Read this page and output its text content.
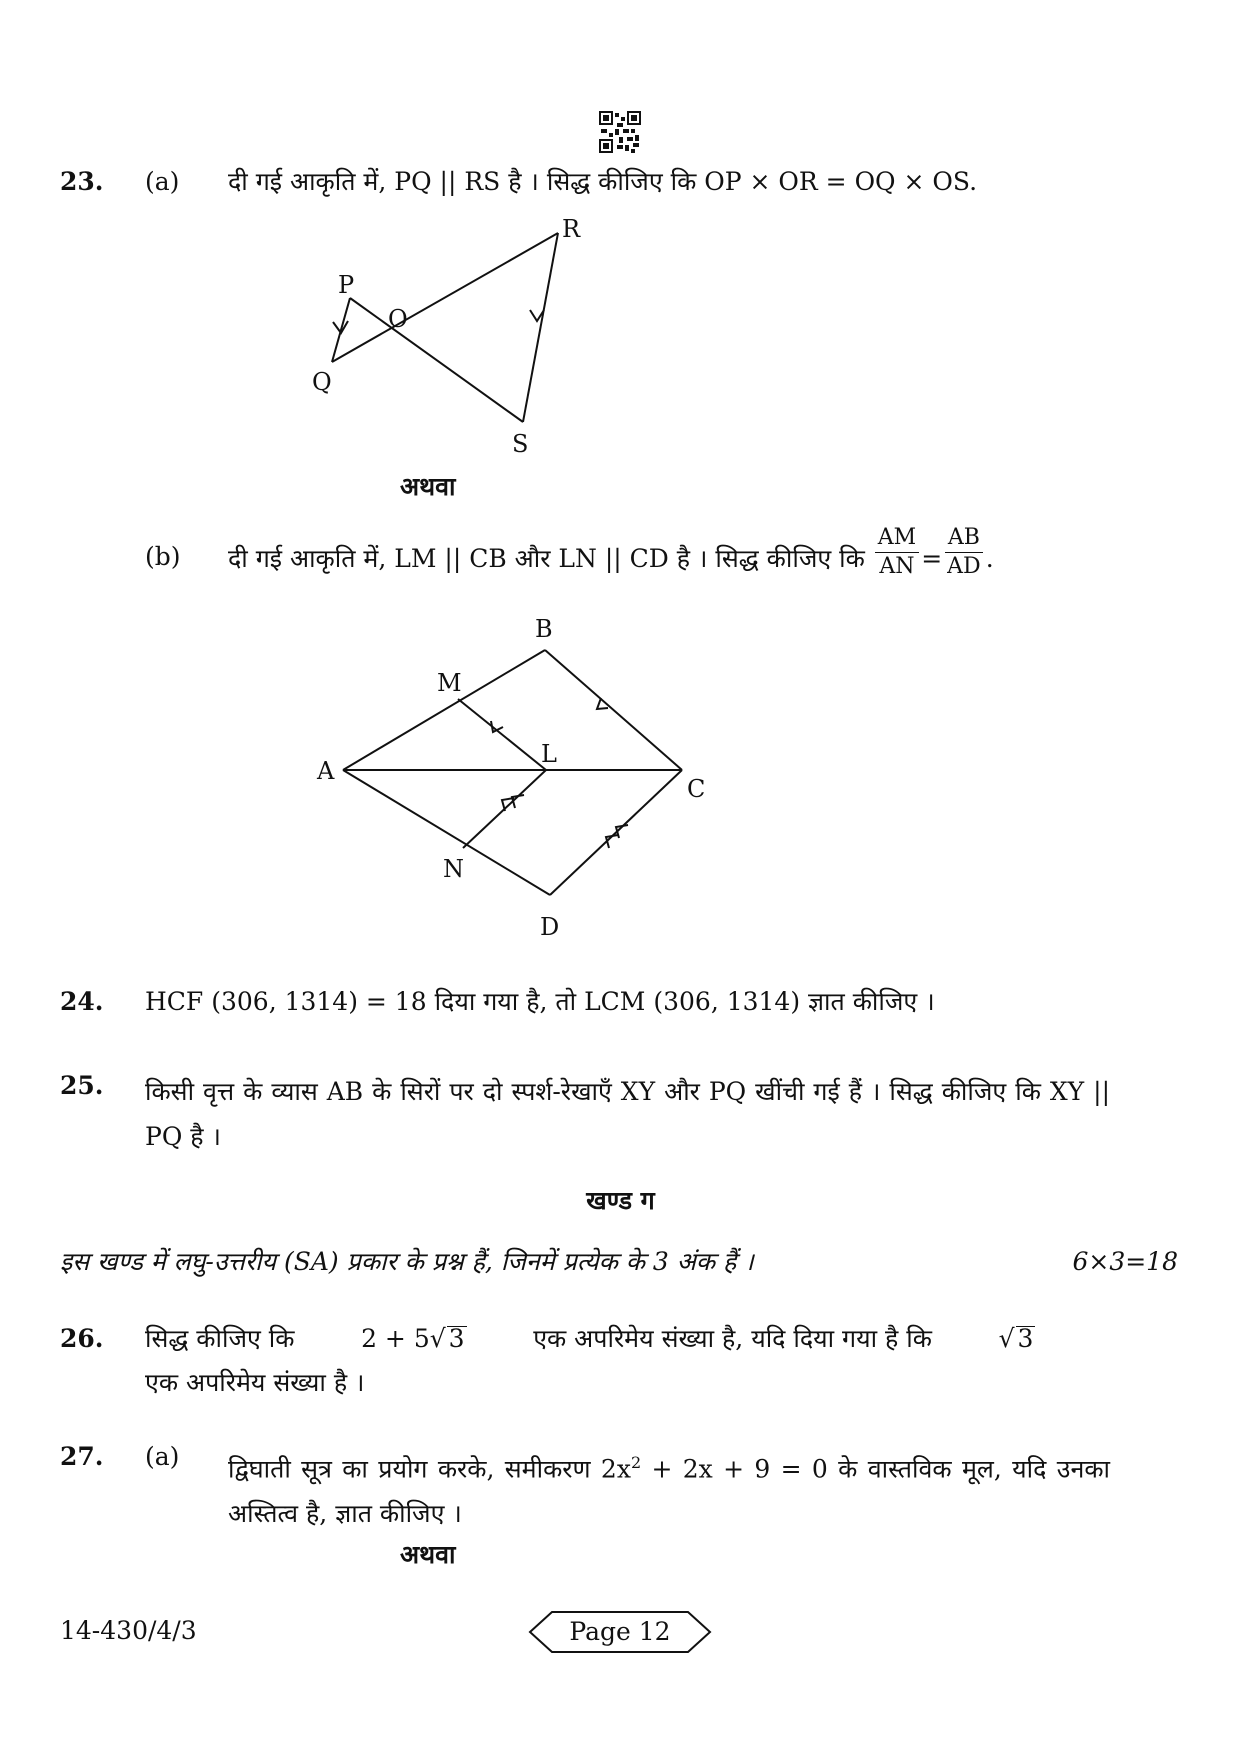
23. (a) दी गई आकृति में, PQ || RS है । सिद्ध कीजिए कि OP × OR = OQ × OS.
P
Q
O
R
S
अथवा
(b) दी गई आकृति में, LM || CB और LN || CD है । सिद्ध कीजिए कि $\frac{AM}{AN} = \frac{AB}{AD}$ .
B
M
A
L
C
N
D
24. HCF (306, 1314) = 18 दिया गया है, तो LCM (306, 1314) ज्ञात कीजिए ।
25. किसी वृत्त के व्यास AB के सिरों पर दो स्पर्श-रेखाएँ XY और PQ खींची गई हैं । सिद्ध कीजिए कि XY || PQ है ।
खण्ड ग
इस खण्ड में लघु-उत्तरीय (SA) प्रकार के प्रश्न हैं, जिनमें प्रत्येक के 3 अंक हैं ।	6×3=18
26. सिद्ध कीजिए कि	2 + 5√ 3	एक अपरिमेय संख्या है, यदि दिया गया है कि	√ 3
एक अपरिमेय संख्या है ।
27. (a) द्विघाती सूत्र का प्रयोग करके, समीकरण $2x^2 + 2x + 9 = 0$ के वास्तविक मूल, यदि उनका अस्तित्व है, ज्ञात कीजिए ।
अथवा
14-430/4/3	Page 12
